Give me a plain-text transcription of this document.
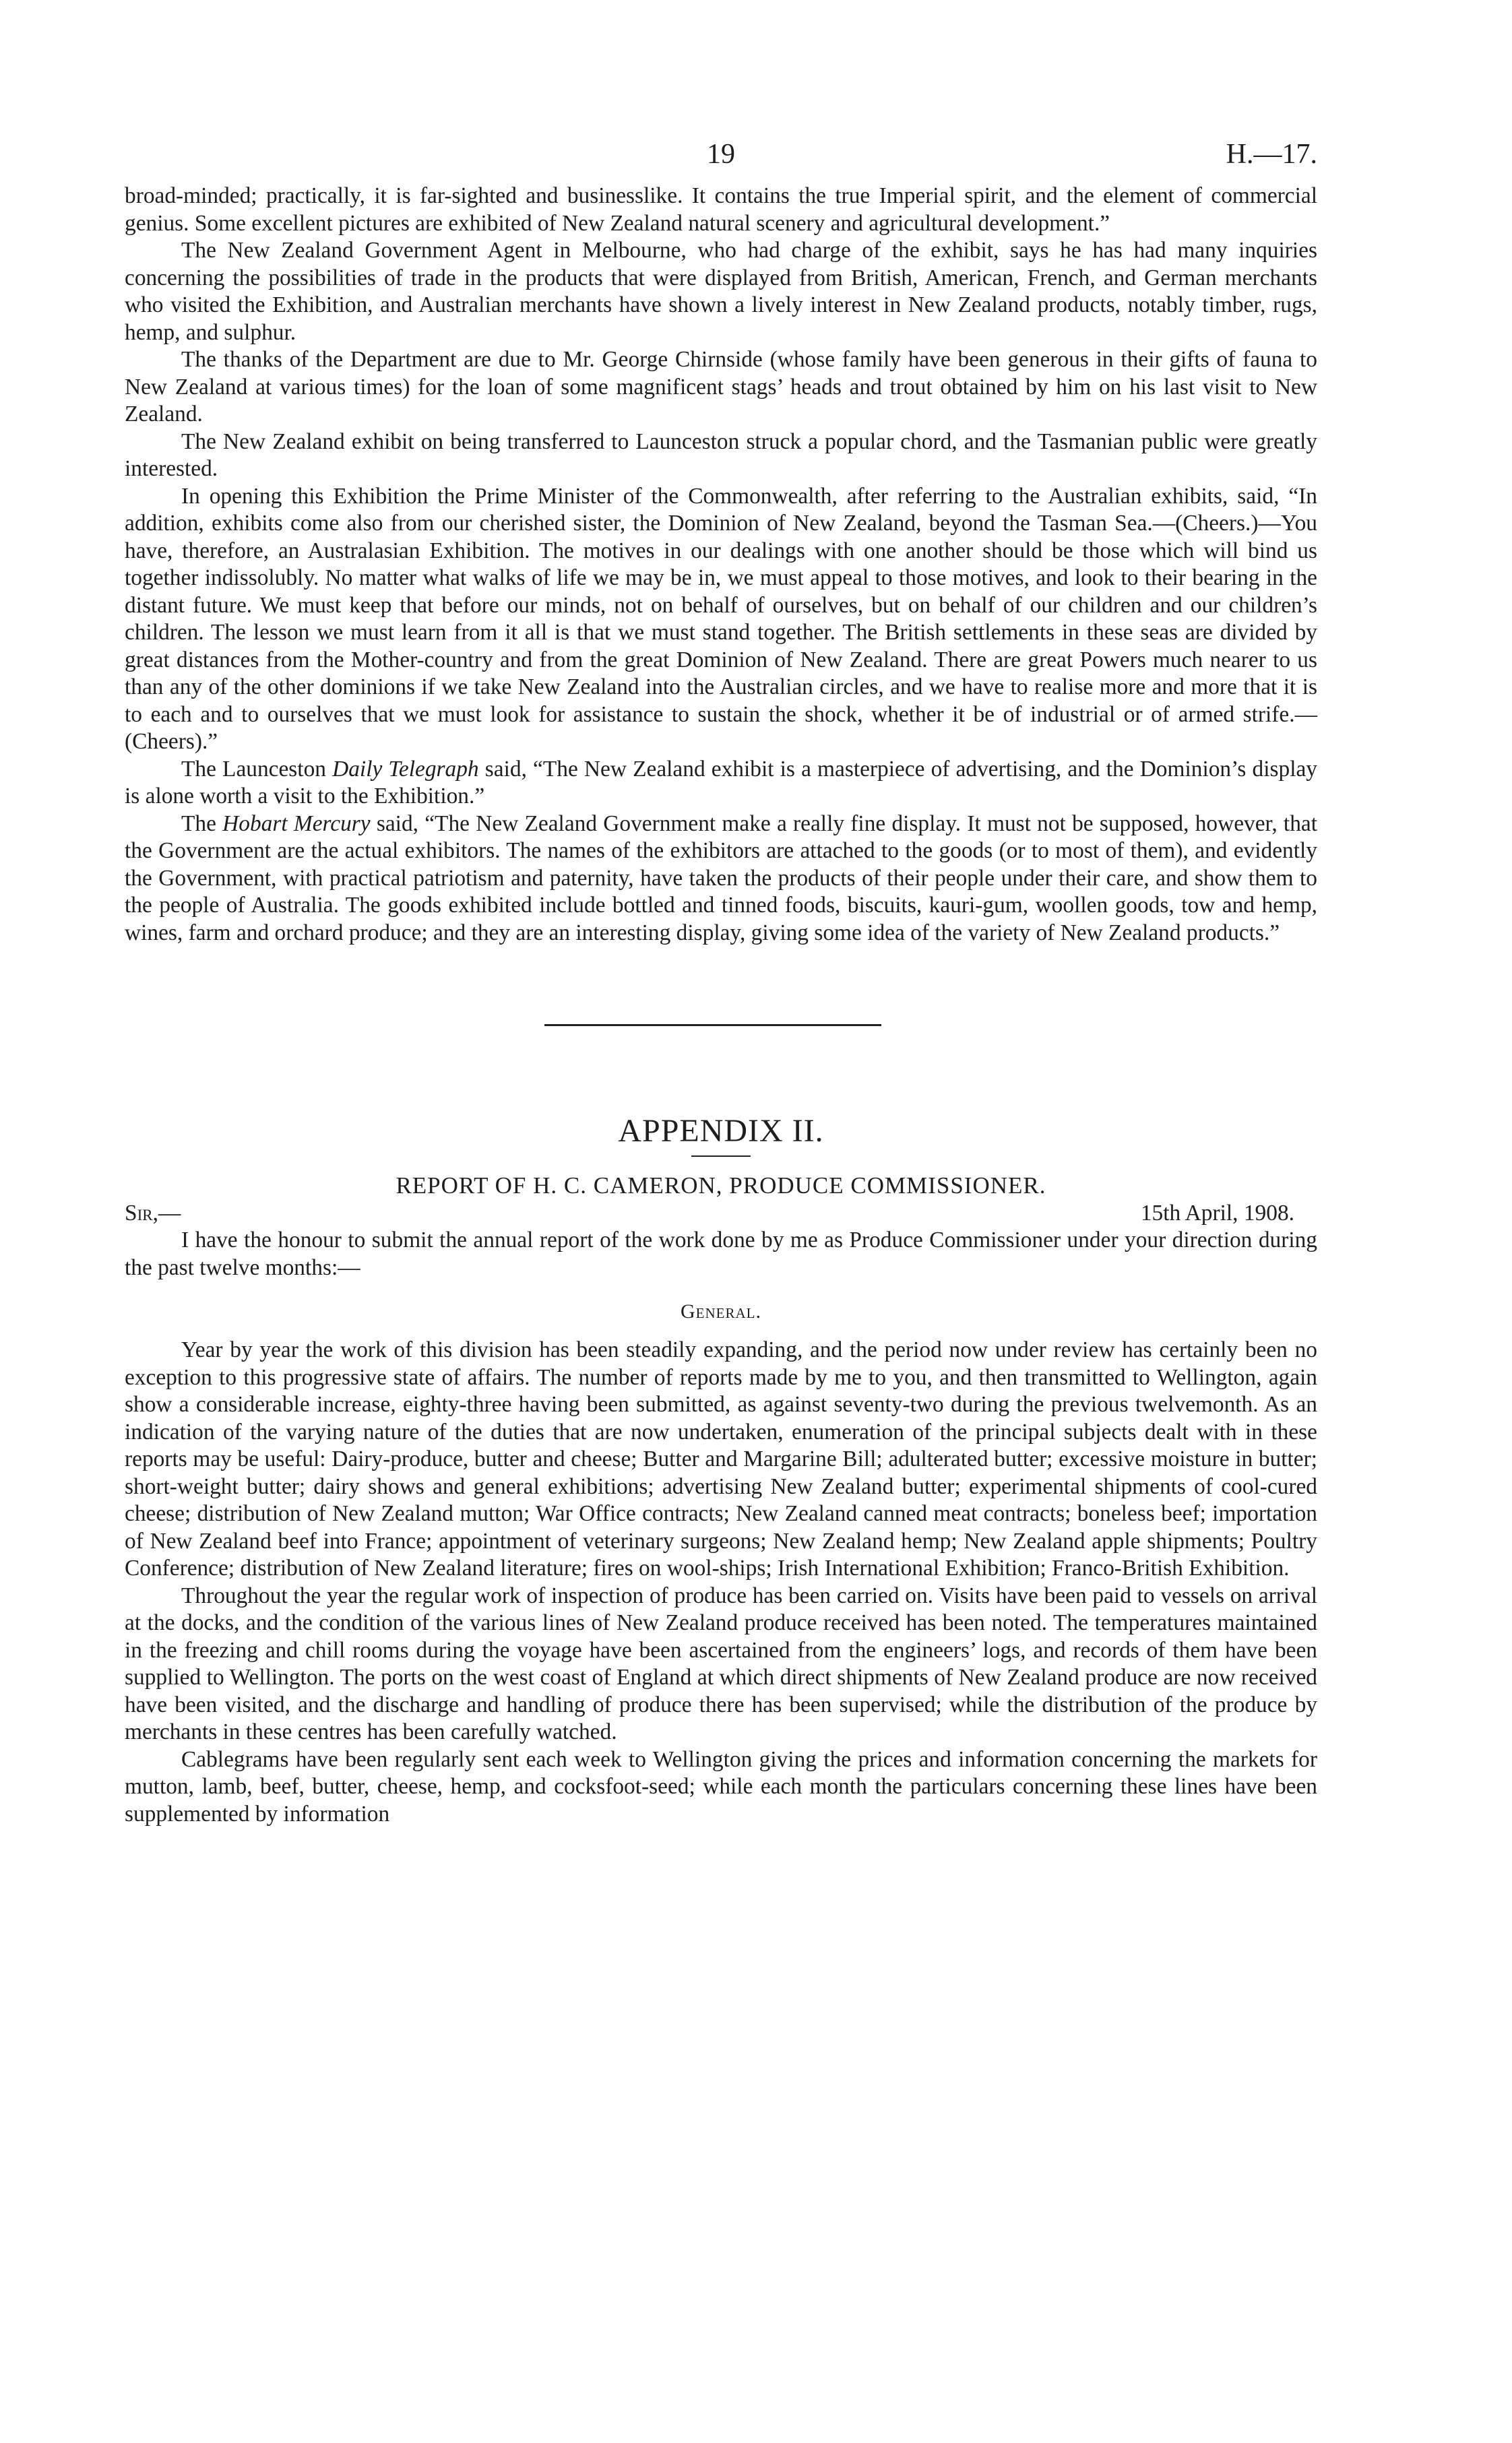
19	H.—17.

broad-minded; practically, it is far-sighted and businesslike. It contains the true Imperial spirit, and the element of commercial genius. Some excellent pictures are exhibited of New Zealand natural scenery and agricultural development.”

The New Zealand Government Agent in Melbourne, who had charge of the exhibit, says he has had many inquiries concerning the possibilities of trade in the products that were displayed from British, American, French, and German merchants who visited the Exhibition, and Australian merchants have shown a lively interest in New Zealand products, notably timber, rugs, hemp, and sulphur.

The thanks of the Department are due to Mr. George Chirnside (whose family have been generous in their gifts of fauna to New Zealand at various times) for the loan of some magnificent stags’ heads and trout obtained by him on his last visit to New Zealand.

The New Zealand exhibit on being transferred to Launceston struck a popular chord, and the Tasmanian public were greatly interested.

In opening this Exhibition the Prime Minister of the Commonwealth, after referring to the Australian exhibits, said, “In addition, exhibits come also from our cherished sister, the Dominion of New Zealand, beyond the Tasman Sea.—(Cheers.)—You have, therefore, an Australasian Exhibition. The motives in our dealings with one another should be those which will bind us together indissolubly. No matter what walks of life we may be in, we must appeal to those motives, and look to their bearing in the distant future. We must keep that before our minds, not on behalf of ourselves, but on behalf of our children and our children’s children. The lesson we must learn from it all is that we must stand together. The British settlements in these seas are divided by great distances from the Mother-country and from the great Dominion of New Zealand. There are great Powers much nearer to us than any of the other dominions if we take New Zealand into the Australian circles, and we have to realise more and more that it is to each and to ourselves that we must look for assistance to sustain the shock, whether it be of industrial or of armed strife.—(Cheers).”

The Launceston Daily Telegraph said, “The New Zealand exhibit is a masterpiece of advertising, and the Dominion’s display is alone worth a visit to the Exhibition.”

The Hobart Mercury said, “The New Zealand Government make a really fine display. It must not be supposed, however, that the Government are the actual exhibitors. The names of the exhibitors are attached to the goods (or to most of them), and evidently the Government, with practical patriotism and paternity, have taken the products of their people under their care, and show them to the people of Australia. The goods exhibited include bottled and tinned foods, biscuits, kauri-gum, woollen goods, tow and hemp, wines, farm and orchard produce; and they are an interesting display, giving some idea of the variety of New Zealand products.”

APPENDIX II.
REPORT OF H. C. CAMERON, PRODUCE COMMISSIONER.
Sir,—	15th April, 1908.

I have the honour to submit the annual report of the work done by me as Produce Commissioner under your direction during the past twelve months:—

General.

Year by year the work of this division has been steadily expanding, and the period now under review has certainly been no exception to this progressive state of affairs. The number of reports made by me to you, and then transmitted to Wellington, again show a considerable increase, eighty-three having been submitted, as against seventy-two during the previous twelvemonth. As an indication of the varying nature of the duties that are now undertaken, enumeration of the principal subjects dealt with in these reports may be useful: Dairy-produce, butter and cheese; Butter and Margarine Bill; adulterated butter; excessive moisture in butter; short-weight butter; dairy shows and general exhibitions; advertising New Zealand butter; experimental shipments of cool-cured cheese; distribution of New Zealand mutton; War Office contracts; New Zealand canned meat contracts; boneless beef; importation of New Zealand beef into France; appointment of veterinary surgeons; New Zealand hemp; New Zealand apple shipments; Poultry Conference; distribution of New Zealand literature; fires on wool-ships; Irish International Exhibition; Franco-British Exhibition.

Throughout the year the regular work of inspection of produce has been carried on. Visits have been paid to vessels on arrival at the docks, and the condition of the various lines of New Zealand produce received has been noted. The temperatures maintained in the freezing and chill rooms during the voyage have been ascertained from the engineers’ logs, and records of them have been supplied to Wellington. The ports on the west coast of England at which direct shipments of New Zealand produce are now received have been visited, and the discharge and handling of produce there has been supervised; while the distribution of the produce by merchants in these centres has been carefully watched.

Cablegrams have been regularly sent each week to Wellington giving the prices and information concerning the markets for mutton, lamb, beef, butter, cheese, hemp, and cocksfoot-seed; while each month the particulars concerning these lines have been supplemented by information
